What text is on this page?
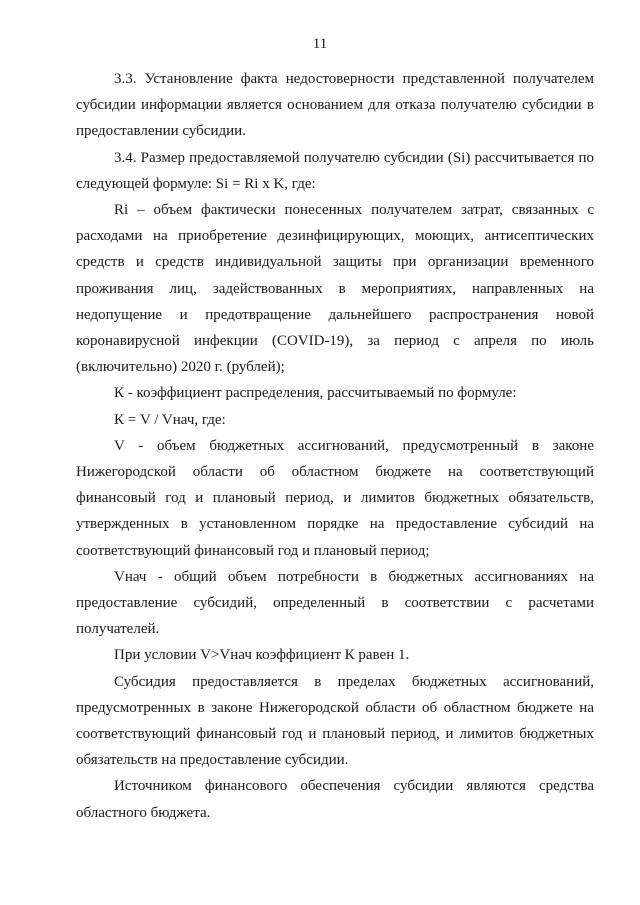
11

3.3. Установление факта недостоверности представленной получателем субсидии информации является основанием для отказа получателю субсидии в предоставлении субсидии.

3.4. Размер предоставляемой получателю субсидии (Si) рассчитывается по следующей формуле: Si = Ri x K, где:

Ri – объем фактически понесенных получателем затрат, связанных с расходами на приобретение дезинфицирующих, моющих, антисептических средств и средств индивидуальной защиты при организации временного проживания лиц, задействованных в мероприятиях, направленных на недопущение и предотвращение дальнейшего распространения новой коронавирусной инфекции (COVID-19), за период с апреля по июль (включительно) 2020 г. (рублей);

К - коэффициент распределения, рассчитываемый по формуле:

К = V / Vнач, где:

V - объем бюджетных ассигнований, предусмотренный в законе Нижегородской области об областном бюджете на соответствующий финансовый год и плановый период, и лимитов бюджетных обязательств, утвержденных в установленном порядке на предоставление субсидий на соответствующий финансовый год и плановый период;

Vнач - общий объем потребности в бюджетных ассигнованиях на предоставление субсидий, определенный в соответствии с расчетами получателей.

При условии V>Vнач коэффициент К равен 1.

Субсидия предоставляется в пределах бюджетных ассигнований, предусмотренных в законе Нижегородской области об областном бюджете на соответствующий финансовый год и плановый период, и лимитов бюджетных обязательств на предоставление субсидии.

Источником финансового обеспечения субсидии являются средства областного бюджета.
